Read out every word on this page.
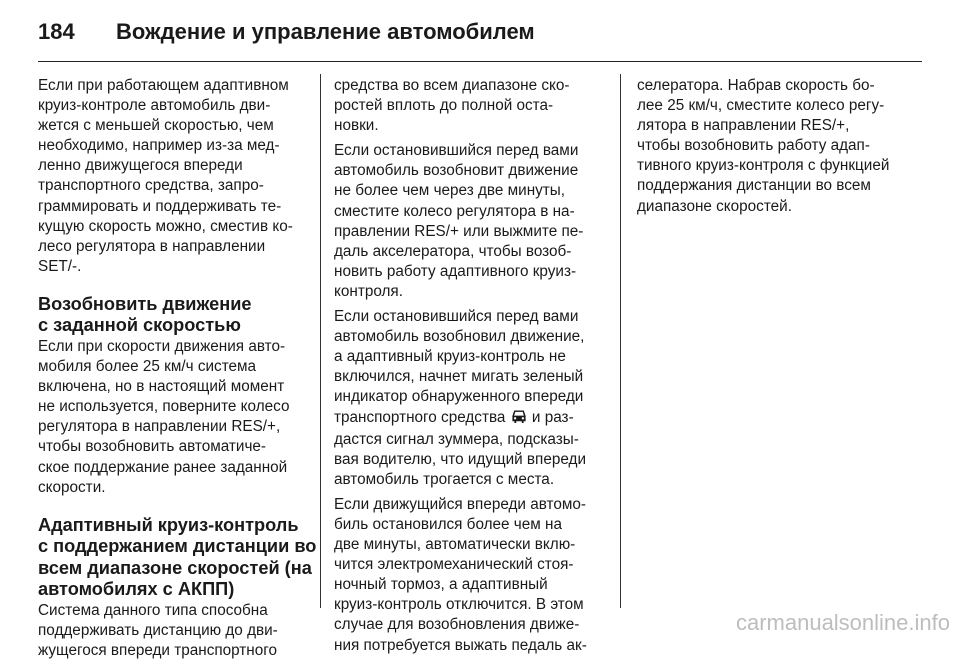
184	Вождение и управление автомобилем
Если при работающем адаптивном
круиз-контроле автомобиль дви-
жется с меньшей скоростью, чем
необходимо, например из-за мед-
ленно движущегося впереди
транспортного средства, запро-
граммировать и поддерживать те-
кущую скорость можно, сместив ко-
лесо регулятора в направлении
SET/-.
Возобновить движение
с заданной скоростью
Если при скорости движения авто-
мобиля более 25 км/ч система
включена, но в настоящий момент
не используется, поверните колесо
регулятора в направлении RES/+,
чтобы возобновить автоматиче-
ское поддержание ранее заданной
скорости.
Адаптивный круиз-контроль
с поддержанием дистанции во
всем диапазоне скоростей (на
автомобилях с АКПП)
Система данного типа способна
поддерживать дистанцию до дви-
жущегося впереди транспортного
средства во всем диапазоне ско-
ростей вплоть до полной оста-
новки.
Если остановившийся перед вами
автомобиль возобновит движение
не более чем через две минуты,
сместите колесо регулятора в на-
правлении RES/+ или выжмите пе-
даль акселератора, чтобы возоб-
новить работу адаптивного круиз-
контроля.
Если остановившийся перед вами
автомобиль возобновил движение,
а адаптивный круиз-контроль не
включился, начнет мигать зеленый
индикатор обнаруженного впереди
транспортного средства  и раз-
дастся сигнал зуммера, подсказы-
вая водителю, что идущий впереди
автомобиль трогается с места.
Если движущийся впереди автомо-
биль остановился более чем на
две минуты, автоматически вклю-
чится электромеханический стоя-
ночный тормоз, а адаптивный
круиз-контроль отключится. В этом
случае для возобновления движе-
ния потребуется выжать педаль ак-
селератора. Набрав скорость бо-
лее 25 км/ч, сместите колесо регу-
лятора в направлении RES/+,
чтобы возобновить работу адап-
тивного круиз-контроля с функцией
поддержания дистанции во всем
диапазоне скоростей.
carmanualsonline.info
